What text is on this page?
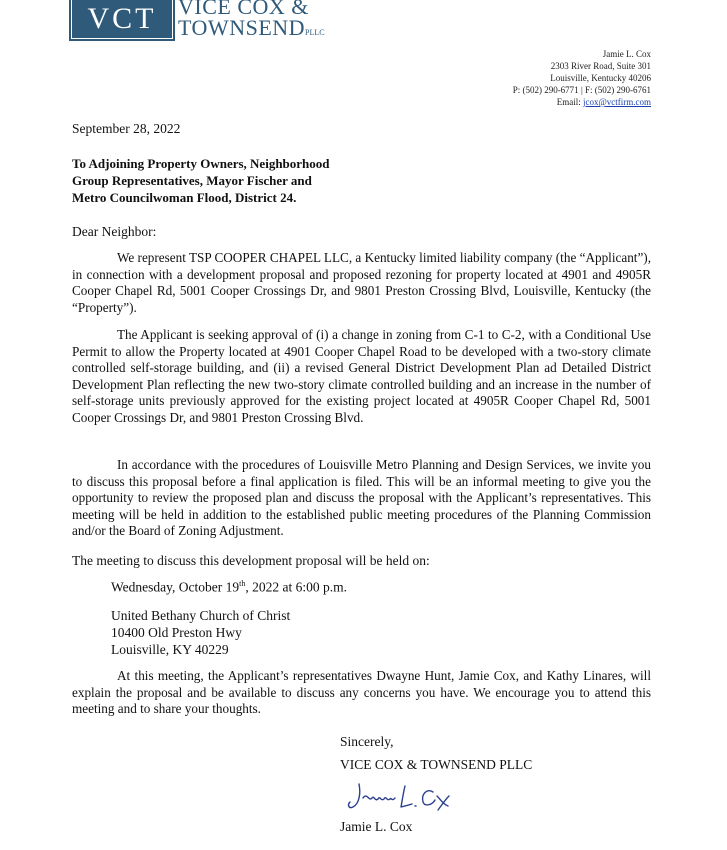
VCT VICE COX &
TOWNSENDPLLC
Jamie L. Cox
2303 River Road, Suite 301
Louisville, Kentucky 40206
P: (502) 290-6771 | F: (502) 290-6761
Email: jcox@vctfirm.com
September 28, 2022
To Adjoining Property Owners, Neighborhood
Group Representatives, Mayor Fischer and
Metro Councilwoman Flood, District 24.
Dear Neighbor:

We represent TSP COOPER CHAPEL LLC, a Kentucky limited liability company (the “Applicant”), in connection with a development proposal and proposed rezoning for property located at 4901 and 4905R Cooper Chapel Rd, 5001 Cooper Crossings Dr, and 9801 Preston Crossing Blvd, Louisville, Kentucky (the “Property”).

The Applicant is seeking approval of (i) a change in zoning from C-1 to C-2, with a Conditional Use Permit to allow the Property located at 4901 Cooper Chapel Road to be developed with a two-story climate controlled self-storage building, and (ii) a revised General District Development Plan ad Detailed District Development Plan reflecting the new two-story climate controlled building and an increase in the number of self-storage units previously approved for the existing project located at 4905R Cooper Chapel Rd, 5001 Cooper Crossings Dr, and 9801 Preston Crossing Blvd.

In accordance with the procedures of Louisville Metro Planning and Design Services, we invite you to discuss this proposal before a final application is filed. This will be an informal meeting to give you the opportunity to review the proposed plan and discuss the proposal with the Applicant’s representatives. This meeting will be held in addition to the established public meeting procedures of the Planning Commission and/or the Board of Zoning Adjustment.

The meeting to discuss this development proposal will be held on:
Wednesday, October 19th, 2022 at 6:00 p.m.
United Bethany Church of Christ
10400 Old Preston Hwy
Louisville, KY 40229

At this meeting, the Applicant’s representatives Dwayne Hunt, Jamie Cox, and Kathy Linares, will explain the proposal and be available to discuss any concerns you have. We encourage you to attend this meeting and to share your thoughts.

Sincerely,
VICE COX & TOWNSEND PLLC
Jamie L. Cox
